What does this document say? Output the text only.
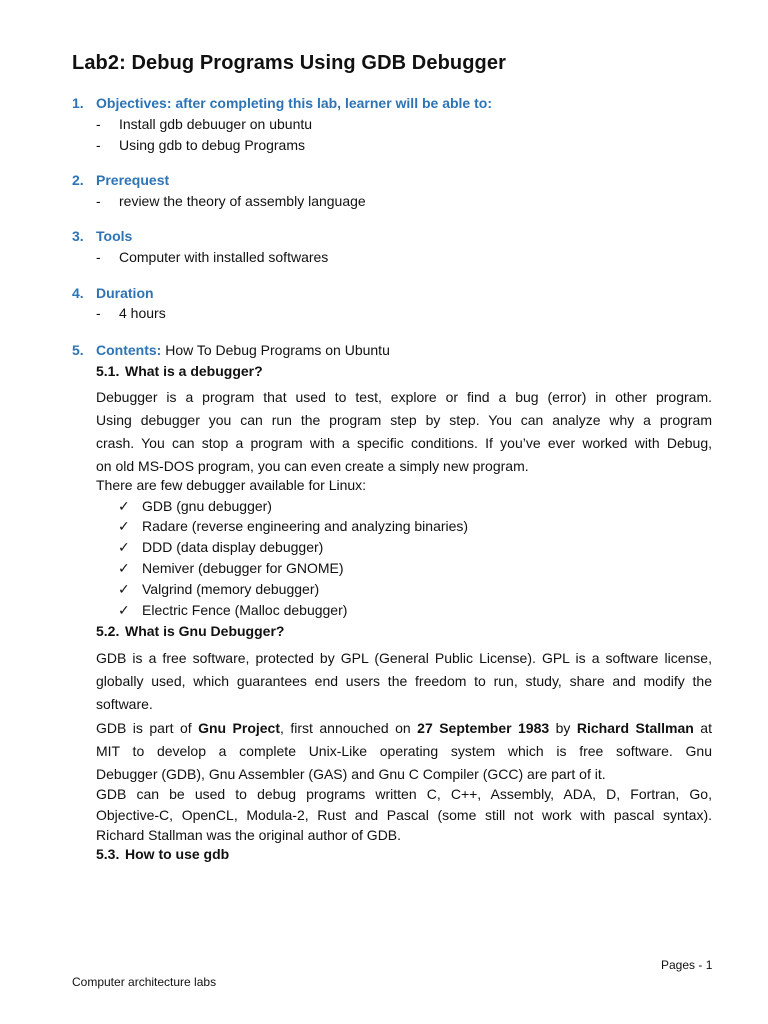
Lab2: Debug Programs Using GDB Debugger
1. Objectives: after completing this lab, learner will be able to:
- Install gdb debuuger on ubuntu
- Using gdb to debug Programs
2. Prerequest
- review the theory of assembly language
3. Tools
- Computer with installed softwares
4. Duration
- 4 hours
5. Contents: How To Debug Programs on Ubuntu
5.1. What is a debugger?
Debugger is a program that used to test, explore or find a bug (error) in other program.
Using debugger you can run the program step by step. You can analyze why a program
crash. You can stop a program with a specific conditions. If you’ve ever worked with Debug,
on old MS-DOS program, you can even create a simply new program.
There are few debugger available for Linux:
✓ GDB (gnu debugger)
✓ Radare (reverse engineering and analyzing binaries)
✓ DDD (data display debugger)
✓ Nemiver (debugger for GNOME)
✓ Valgrind (memory debugger)
✓ Electric Fence (Malloc debugger)
5.2. What is Gnu Debugger?
GDB is a free software, protected by GPL (General Public License). GPL is a software license,
globally used, which guarantees end users the freedom to run, study, share and modify the
software.
GDB is part of Gnu Project, first annouched on 27 September 1983 by Richard Stallman at
MIT to develop a complete Unix-Like operating system which is free software. Gnu
Debugger (GDB), Gnu Assembler (GAS) and Gnu C Compiler (GCC) are part of it.
GDB can be used to debug programs written C, C++, Assembly, ADA, D, Fortran, Go,
Objective-C, OpenCL, Modula-2, Rust and Pascal (some still not work with pascal syntax).
Richard Stallman was the original author of GDB.
5.3. How to use gdb
Pages - 1
Computer architecture labs
